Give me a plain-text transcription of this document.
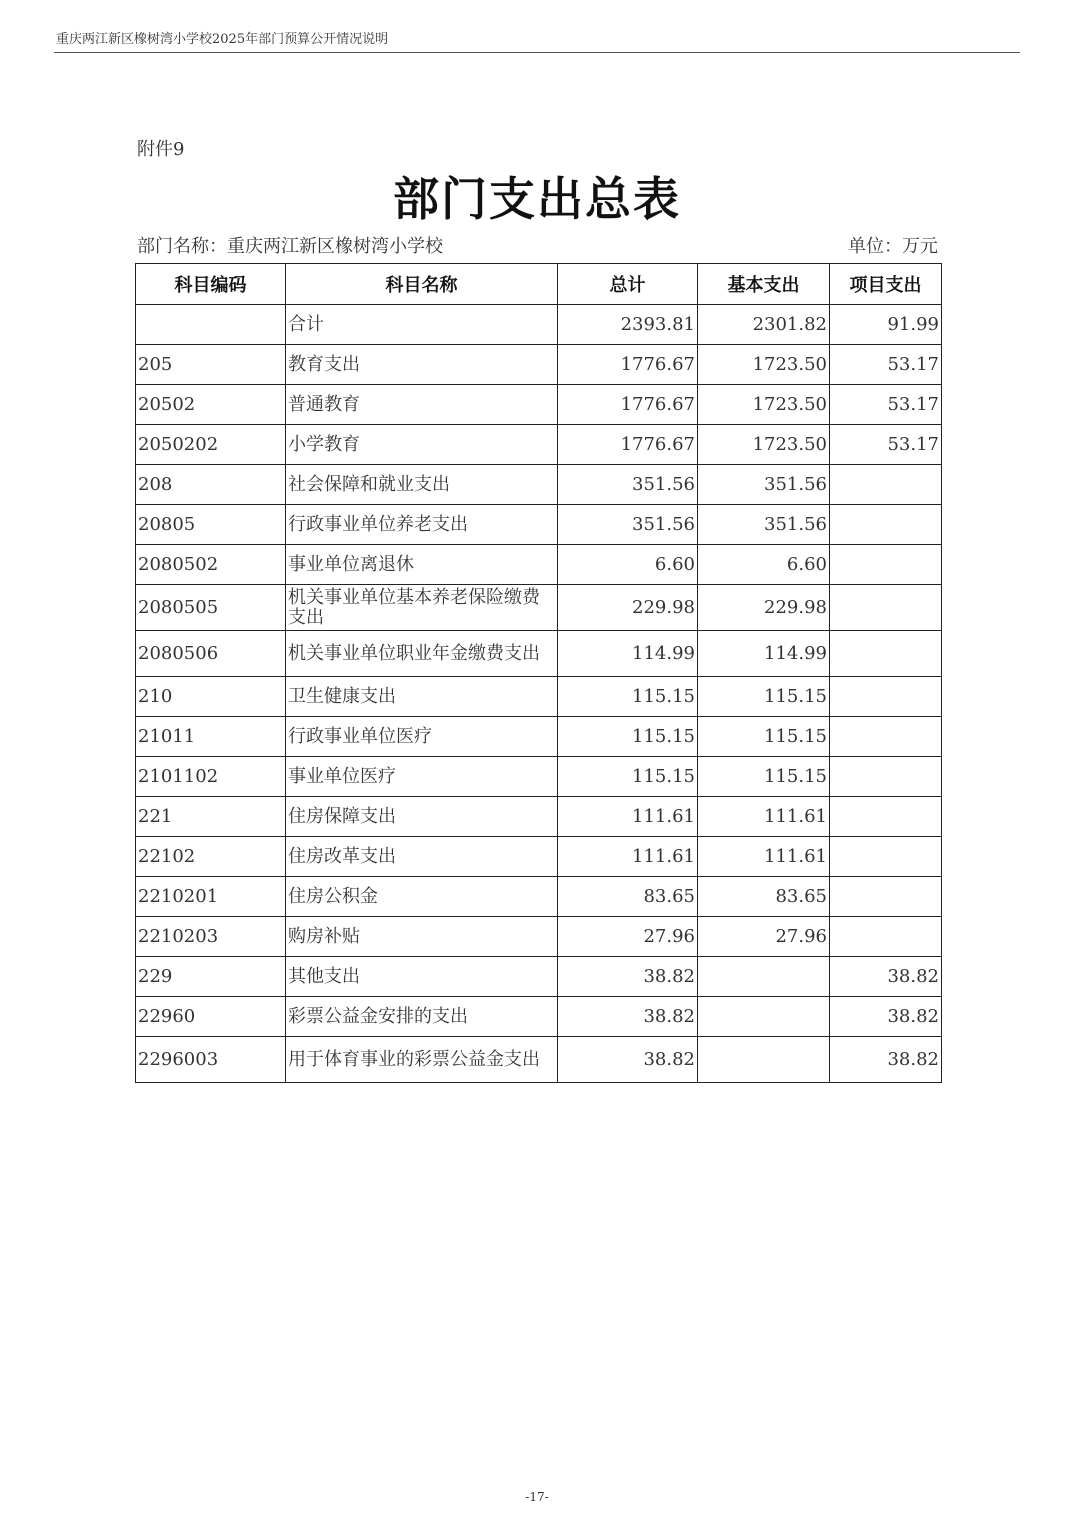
重庆两江新区橡树湾小学校2025年部门预算公开情况说明
附件9
部门支出总表
部门名称：重庆两江新区橡树湾小学校	单位：万元
科目编码	科目名称	总计	基本支出	项目支出
	合计	2393.81	2301.82	91.99
205	教育支出	1776.67	1723.50	53.17
20502	普通教育	1776.67	1723.50	53.17
2050202	小学教育	1776.67	1723.50	53.17
208	社会保障和就业支出	351.56	351.56	
20805	行政事业单位养老支出	351.56	351.56	
2080502	事业单位离退休	6.60	6.60	
2080505	机关事业单位基本养老保险缴费支出	229.98	229.98	
2080506	机关事业单位职业年金缴费支出	114.99	114.99	
210	卫生健康支出	115.15	115.15	
21011	行政事业单位医疗	115.15	115.15	
2101102	事业单位医疗	115.15	115.15	
221	住房保障支出	111.61	111.61	
22102	住房改革支出	111.61	111.61	
2210201	住房公积金	83.65	83.65	
2210203	购房补贴	27.96	27.96	
229	其他支出	38.82		38.82
22960	彩票公益金安排的支出	38.82		38.82
2296003	用于体育事业的彩票公益金支出	38.82		38.82
-17-
